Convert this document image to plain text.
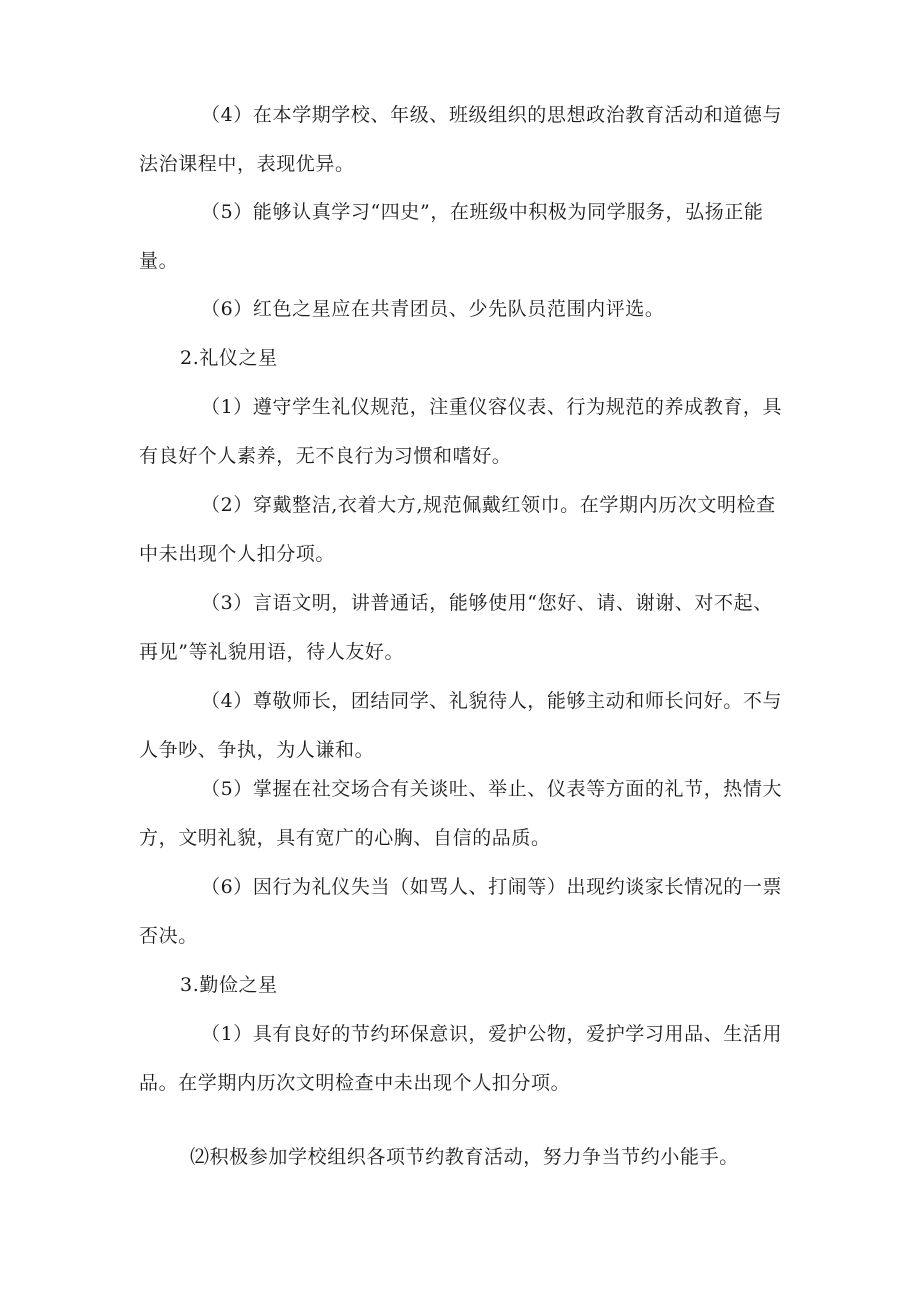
（4）在本学期学校、年级、班级组织的思想政治教育活动和道德与法治课程中，表现优异。

（5）能够认真学习“四史”，在班级中积极为同学服务，弘扬正能量。

（6）红色之星应在共青团员、少先队员范围内评选。

2.礼仪之星

（1）遵守学生礼仪规范，注重仪容仪表、行为规范的养成教育，具有良好个人素养，无不良行为习惯和嗜好。

（2）穿戴整洁,衣着大方,规范佩戴红领巾。在学期内历次文明检查中未出现个人扣分项。

（3）言语文明，讲普通话，能够使用“您好、请、谢谢、对不起、再见”等礼貌用语，待人友好。

（4）尊敬师长，团结同学、礼貌待人，能够主动和师长问好。不与人争吵、争执，为人谦和。

（5）掌握在社交场合有关谈吐、举止、仪表等方面的礼节，热情大方，文明礼貌，具有宽广的心胸、自信的品质。

（6）因行为礼仪失当（如骂人、打闹等）出现约谈家长情况的一票否决。

3.勤俭之星

（1）具有良好的节约环保意识，爱护公物，爱护学习用品、生活用品。在学期内历次文明检查中未出现个人扣分项。

⑵积极参加学校组织各项节约教育活动，努力争当节约小能手。
